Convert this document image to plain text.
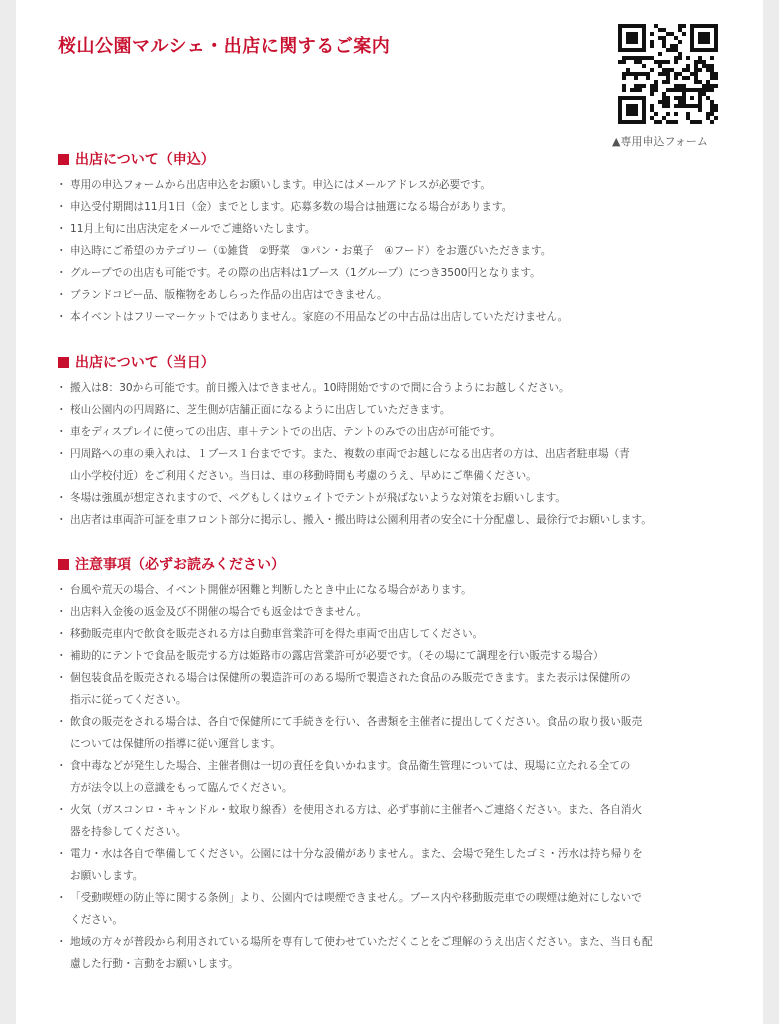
桜山公園マルシェ・出店に関するご案内
▲専用申込フォーム
出店について（申込）
・ 専用の申込フォームから出店申込をお願いします。申込にはメールアドレスが必要です。
・ 申込受付期間は11月1日（金）までとします。応募多数の場合は抽選になる場合があります。
・ 11月上旬に出店決定をメールでご連絡いたします。
・ 申込時にご希望のカテゴリー（①雑貨　②野菜　③パン・お菓子　④フード）をお選びいただきます。
・ グループでの出店も可能です。その際の出店料は1ブース（1グループ）につき3500円となります。
・ ブランドコピー品、版権物をあしらった作品の出店はできません。
・ 本イベントはフリーマーケットではありません。家庭の不用品などの中古品は出店していただけません。
出店について（当日）
・ 搬入は8：30から可能です。前日搬入はできません。10時開始ですので間に合うようにお越しください。
・ 桜山公園内の円周路に、芝生側が店舗正面になるように出店していただきます。
・ 車をディスプレイに使っての出店、車＋テントでの出店、テントのみでの出店が可能です。
・ 円周路への車の乗入れは、１ブース１台までです。また、複数の車両でお越しになる出店者の方は、出店者駐車場（青
山小学校付近）をご利用ください。当日は、車の移動時間も考慮のうえ、早めにご準備ください。
・ 冬場は強風が想定されますので、ペグもしくはウェイトでテントが飛ばないような対策をお願いします。
・ 出店者は車両許可証を車フロント部分に掲示し、搬入・搬出時は公園利用者の安全に十分配慮し、最徐行でお願いします。
注意事項（必ずお読みください）
・ 台風や荒天の場合、イベント開催が困難と判断したとき中止になる場合があります。
・ 出店料入金後の返金及び不開催の場合でも返金はできません。
・ 移動販売車内で飲食を販売される方は自動車営業許可を得た車両で出店してください。
・ 補助的にテントで食品を販売する方は姫路市の露店営業許可が必要です。（その場にて調理を行い販売する場合）
・ 個包装食品を販売される場合は保健所の製造許可のある場所で製造された食品のみ販売できます。また表示は保健所の
指示に従ってください。
・ 飲食の販売をされる場合は、各自で保健所にて手続きを行い、各書類を主催者に提出してください。食品の取り扱い販売
については保健所の指導に従い運営します。
・ 食中毒などが発生した場合、主催者側は一切の責任を負いかねます。食品衛生管理については、現場に立たれる全ての
方が法令以上の意識をもって臨んでください。
・ 火気（ガスコンロ・キャンドル・蚊取り線香）を使用される方は、必ず事前に主催者へご連絡ください。また、各自消火
器を持参してください。
・ 電力・水は各自で準備してください。公園には十分な設備がありません。また、会場で発生したゴミ・汚水は持ち帰りを
お願いします。
・ 「受動喫煙の防止等に関する条例」より、公園内では喫煙できません。ブース内や移動販売車での喫煙は絶対にしないで
ください。
・ 地域の方々が普段から利用されている場所を専有して使わせていただくことをご理解のうえ出店ください。また、当日も配
慮した行動・言動をお願いします。
